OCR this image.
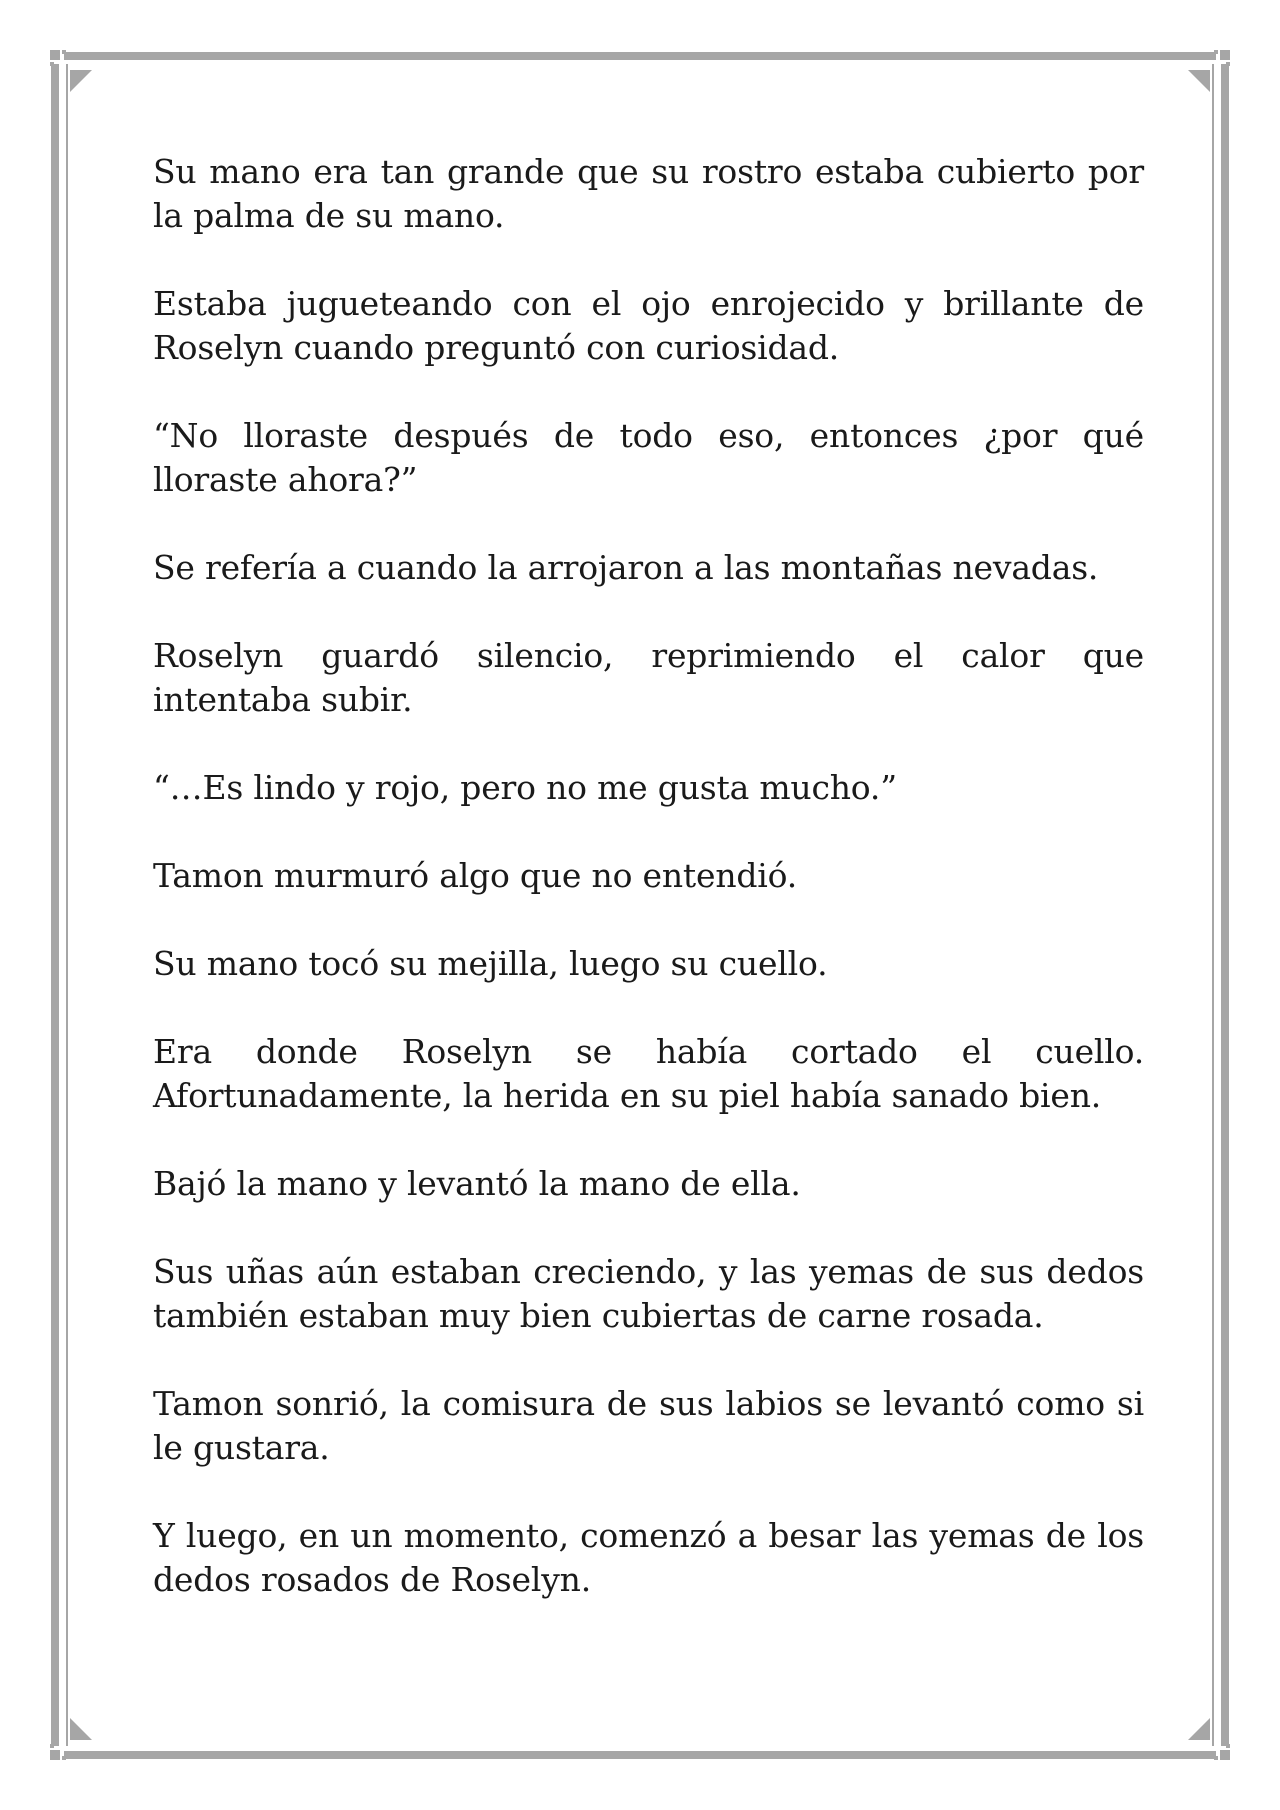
Su mano era tan grande que su rostro estaba cubierto por la palma de su mano.

Estaba jugueteando con el ojo enrojecido y brillante de Roselyn cuando preguntó con curiosidad.

“No lloraste después de todo eso, entonces ¿por qué lloraste ahora?”

Se refería a cuando la arrojaron a las montañas nevadas.

Roselyn guardó silencio, reprimiendo el calor que intentaba subir.

“…Es lindo y rojo, pero no me gusta mucho.”

Tamon murmuró algo que no entendió.

Su mano tocó su mejilla, luego su cuello.

Era donde Roselyn se había cortado el cuello. Afortunadamente, la herida en su piel había sanado bien.

Bajó la mano y levantó la mano de ella.

Sus uñas aún estaban creciendo, y las yemas de sus dedos también estaban muy bien cubiertas de carne rosada.

Tamon sonrió, la comisura de sus labios se levantó como si le gustara.

Y luego, en un momento, comenzó a besar las yemas de los dedos rosados de Roselyn.
